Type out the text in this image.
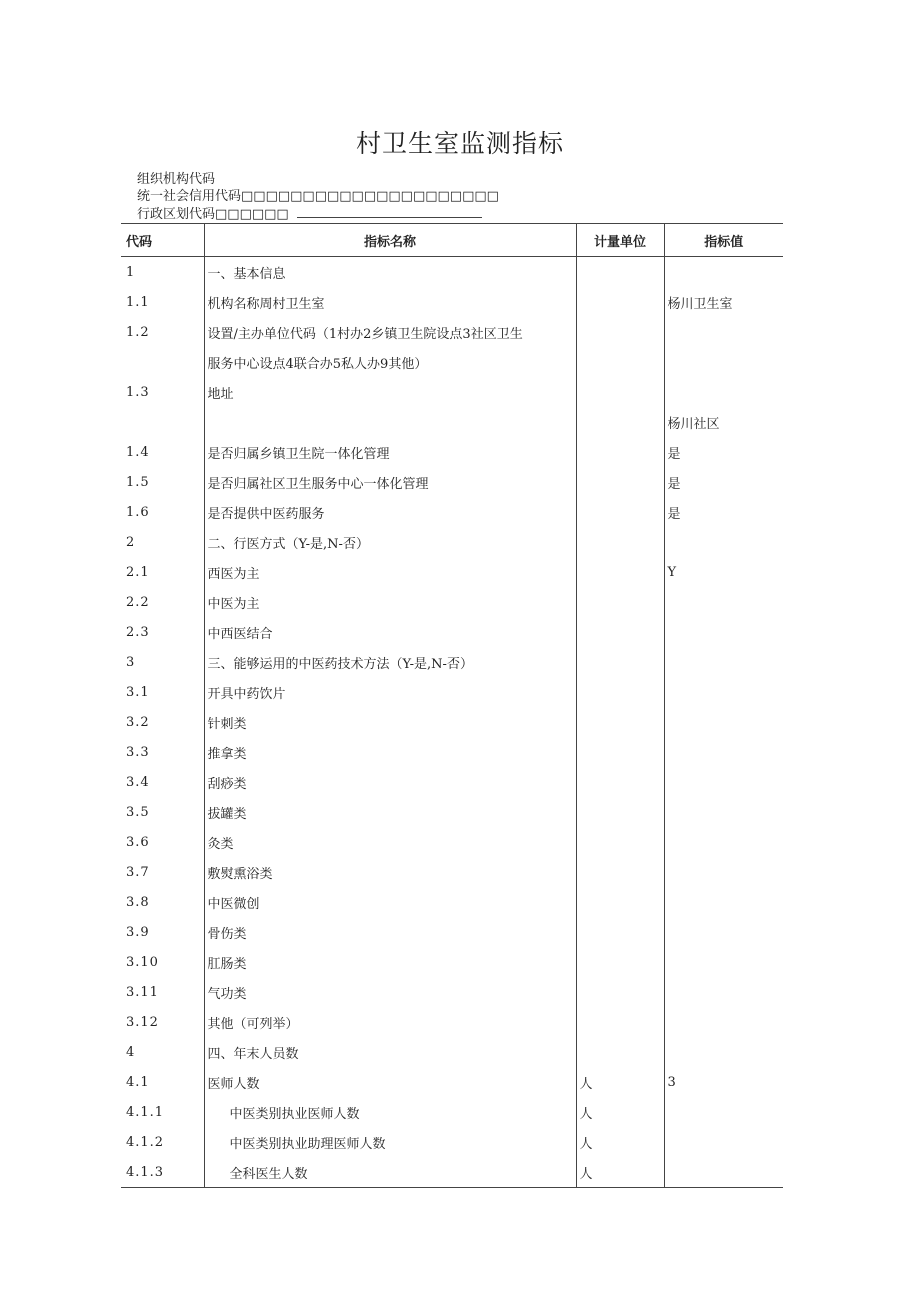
村卫生室监测指标
组织机构代码
统一社会信用代码□□□□□□□□□□□□□□□□□□□□□
行政区划代码□□□□□□
代码	指标名称	计量单位	指标值
1	一、基本信息		
1.1	机构名称周村卫生室		杨川卫生室
1.2	设置/主办单位代码（1村办2乡镇卫生院设点3社区卫生		
	服务中心设点4联合办5私人办9其他）		
1.3	地址		
			杨川社区
1.4	是否归属乡镇卫生院一体化管理		是
1.5	是否归属社区卫生服务中心一体化管理		是
1.6	是否提供中医药服务		是
2	二、行医方式（Y-是,N-否）		
2.1	西医为主		Y
2.2	中医为主		
2.3	中西医结合		
3	三、能够运用的中医药技术方法（Y-是,N-否）		
3.1	开具中药饮片		
3.2	针刺类		
3.3	推拿类		
3.4	刮痧类		
3.5	拔罐类		
3.6	灸类		
3.7	敷熨熏浴类		
3.8	中医微创		
3.9	骨伤类		
3.10	肛肠类		
3.11	气功类		
3.12	其他（可列举）		
4	四、年末人员数		
4.1	医师人数	人	3
4.1.1	中医类别执业医师人数	人	
4.1.2	中医类别执业助理医师人数	人	
4.1.3	全科医生人数	人	
